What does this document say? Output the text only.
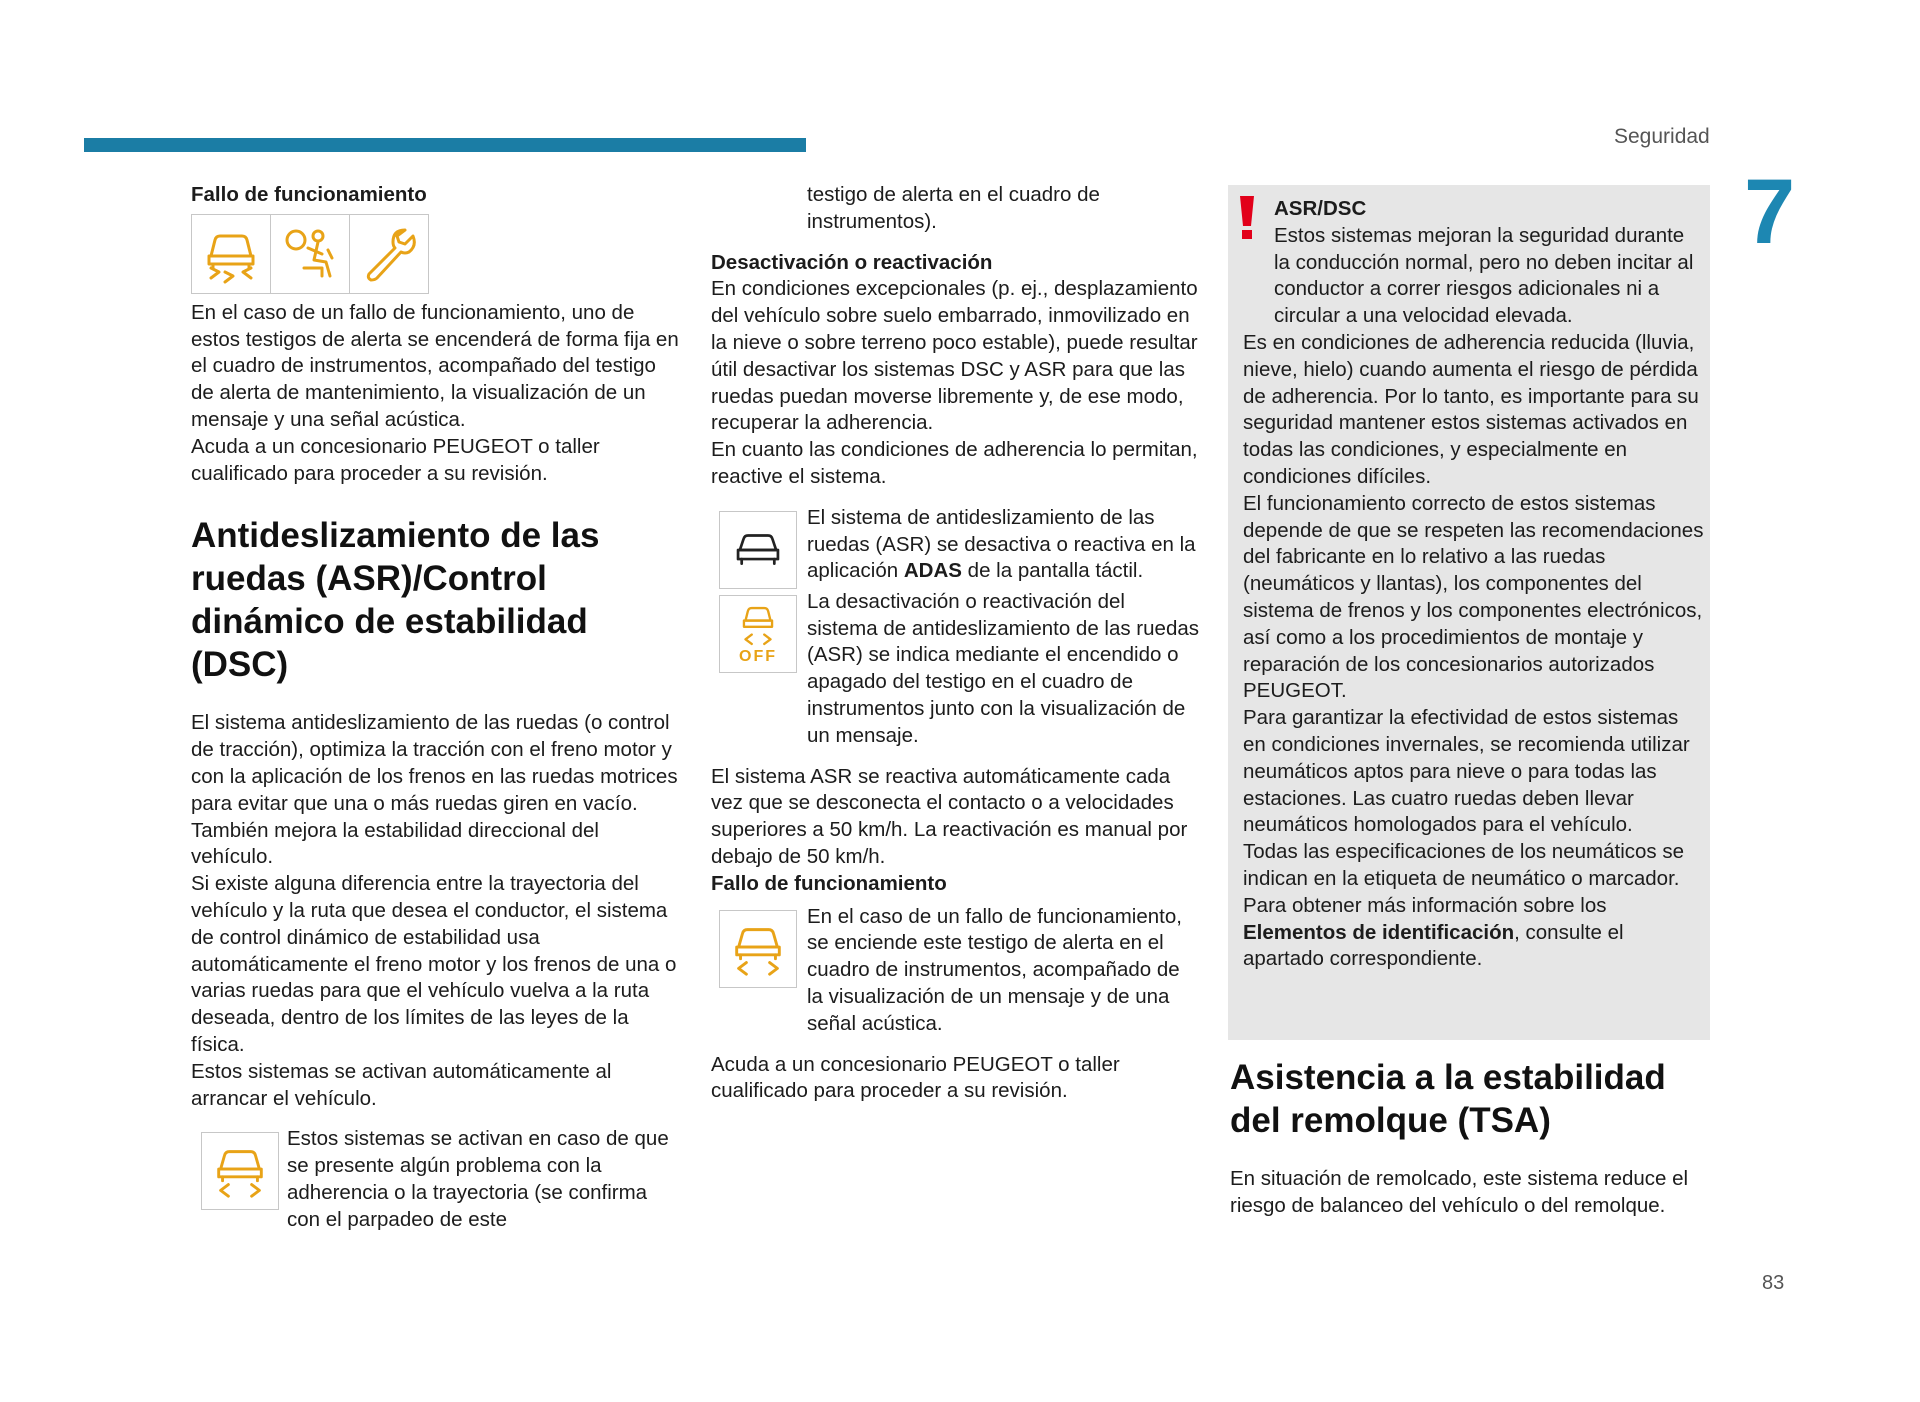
Seguridad
7

Fallo de funcionamiento

En el caso de un fallo de funcionamiento, uno de estos testigos de alerta se encenderá de forma fija en el cuadro de instrumentos, acompañado del testigo de alerta de mantenimiento, la visualización de un mensaje y una señal acústica.

Acuda a un concesionario PEUGEOT o taller cualificado para proceder a su revisión.

Antideslizamiento de las ruedas (ASR)/Control dinámico de estabilidad (DSC)

El sistema antideslizamiento de las ruedas (o control de tracción), optimiza la tracción con el freno motor y con la aplicación de los frenos en las ruedas motrices para evitar que una o más ruedas giren en vacío. También mejora la estabilidad direccional del vehículo.

Si existe alguna diferencia entre la trayectoria del vehículo y la ruta que desea el conductor, el sistema de control dinámico de estabilidad usa automáticamente el freno motor y los frenos de una o varias ruedas para que el vehículo vuelva a la ruta deseada, dentro de los límites de las leyes de la física.

Estos sistemas se activan automáticamente al arrancar el vehículo.

Estos sistemas se activan en caso de que se presente algún problema con la adherencia o la trayectoria (se confirma con el parpadeo de este

testigo de alerta en el cuadro de instrumentos).

Desactivación o reactivación

En condiciones excepcionales (p. ej., desplazamiento del vehículo sobre suelo embarrado, inmovilizado en la nieve o sobre terreno poco estable), puede resultar útil desactivar los sistemas DSC y ASR para que las ruedas puedan moverse libremente y, de ese modo, recuperar la adherencia.

En cuanto las condiciones de adherencia lo permitan, reactive el sistema.

El sistema de antideslizamiento de las ruedas (ASR) se desactiva o reactiva en la aplicación ADAS de la pantalla táctil.

OFF

La desactivación o reactivación del sistema de antideslizamiento de las ruedas (ASR) se indica mediante el encendido o apagado del testigo en el cuadro de instrumentos junto con la visualización de un mensaje.

El sistema ASR se reactiva automáticamente cada vez que se desconecta el contacto o a velocidades superiores a 50 km/h. La reactivación es manual por debajo de 50 km/h.

Fallo de funcionamiento

En el caso de un fallo de funcionamiento, se enciende este testigo de alerta en el cuadro de instrumentos, acompañado de la visualización de un mensaje y de una señal acústica.

Acuda a un concesionario PEUGEOT o taller cualificado para proceder a su revisión.

ASR/DSC
Estos sistemas mejoran la seguridad durante la conducción normal, pero no deben incitar al conductor a correr riesgos adicionales ni a circular a una velocidad elevada.

Es en condiciones de adherencia reducida (lluvia, nieve, hielo) cuando aumenta el riesgo de pérdida de adherencia. Por lo tanto, es importante para su seguridad mantener estos sistemas activados en todas las condiciones, y especialmente en condiciones difíciles.

El funcionamiento correcto de estos sistemas depende de que se respeten las recomendaciones del fabricante en lo relativo a las ruedas (neumáticos y llantas), los componentes del sistema de frenos y los componentes electrónicos, así como a los procedimientos de montaje y reparación de los concesionarios autorizados PEUGEOT.

Para garantizar la efectividad de estos sistemas en condiciones invernales, se recomienda utilizar neumáticos aptos para nieve o para todas las estaciones. Las cuatro ruedas deben llevar neumáticos homologados para el vehículo.

Todas las especificaciones de los neumáticos se indican en la etiqueta de neumático o marcador. Para obtener más información sobre los Elementos de identificación, consulte el apartado correspondiente.

Asistencia a la estabilidad del remolque (TSA)

En situación de remolcado, este sistema reduce el riesgo de balanceo del vehículo o del remolque.

83
